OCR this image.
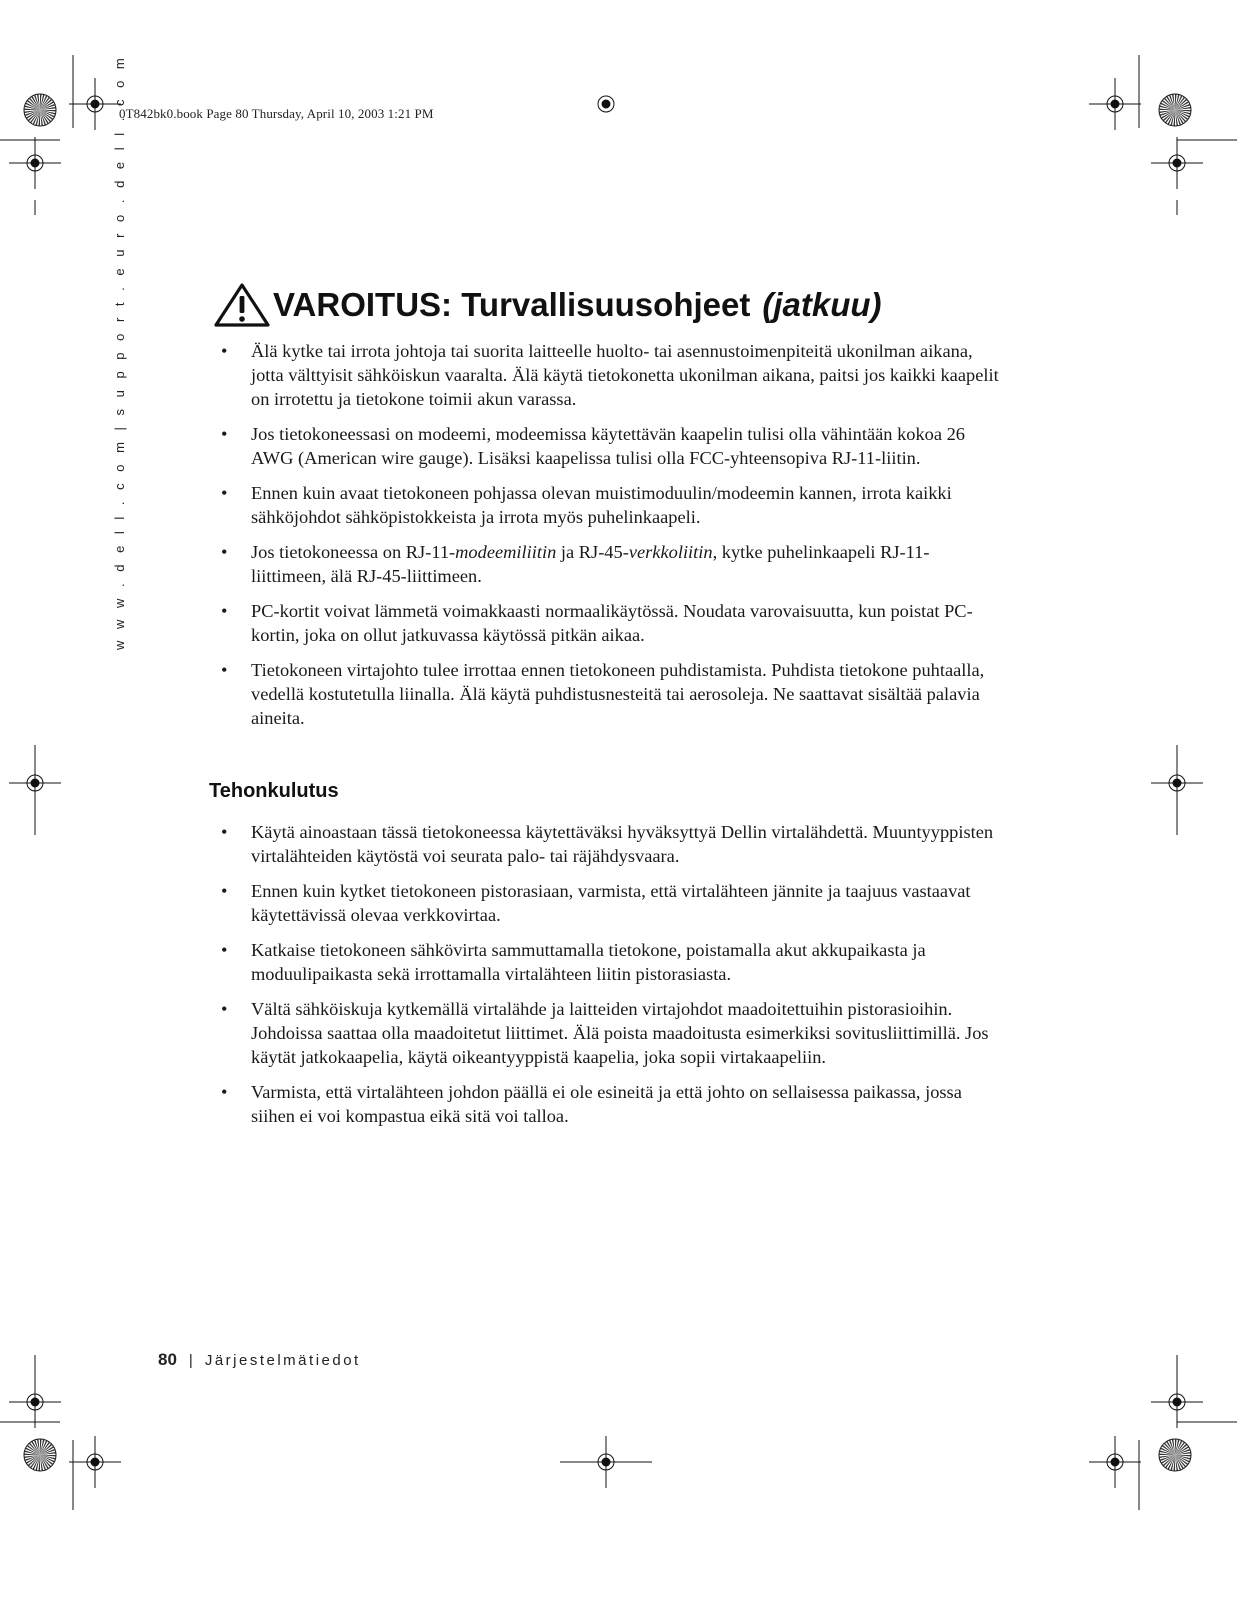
0T842bk0.book Page 80 Thursday, April 10, 2003 1:21 PM
w w w . d e l l . c o m | s u p p o r t . e u r o . d e l l . c o m	VAROITUS: Turvallisuusohjeet (jatkuu)
• Älä kytke tai irrota johtoja tai suorita laitteelle huolto- tai asennustoimenpiteitä ukonilman aikana, jotta välttyisit sähköiskun vaaralta. Älä käytä tietokonetta ukonilman aikana, paitsi jos kaikki kaapelit on irrotettu ja tietokone toimii akun varassa.
• Jos tietokoneessasi on modeemi, modeemissa käytettävän kaapelin tulisi olla vähintään kokoa 26 AWG (American wire gauge). Lisäksi kaapelissa tulisi olla FCC-yhteensopiva RJ-11-liitin.
• Ennen kuin avaat tietokoneen pohjassa olevan muistimoduulin/modeemin kannen, irrota kaikki sähköjohdot sähköpistokkeista ja irrota myös puhelinkaapeli.
• Jos tietokoneessa on RJ-11-modeemiliitin ja RJ-45-verkkoliitin, kytke puhelinkaapeli RJ-11-liittimeen, älä RJ-45-liittimeen.
• PC-kortit voivat lämmetä voimakkaasti normaalikäytössä. Noudata varovaisuutta, kun poistat PC-kortin, joka on ollut jatkuvassa käytössä pitkän aikaa.
• Tietokoneen virtajohto tulee irrottaa ennen tietokoneen puhdistamista. Puhdista tietokone puhtaalla, vedellä kostutetulla liinalla. Älä käytä puhdistusnesteitä tai aerosoleja. Ne saattavat sisältää palavia aineita.
Tehonkulutus
• Käytä ainoastaan tässä tietokoneessa käytettäväksi hyväksyttyä Dellin virtalähdettä. Muuntyyppisten virtalähteiden käytöstä voi seurata palo- tai räjähdysvaara.
• Ennen kuin kytket tietokoneen pistorasiaan, varmista, että virtalähteen jännite ja taajuus vastaavat käytettävissä olevaa verkkovirtaa.
• Katkaise tietokoneen sähkövirta sammuttamalla tietokone, poistamalla akut akkupaikasta ja moduulipaikasta sekä irrottamalla virtalähteen liitin pistorasiasta.
• Vältä sähköiskuja kytkemällä virtalähde ja laitteiden virtajohdot maadoitettuihin pistorasioihin. Johdoissa saattaa olla maadoitetut liittimet. Älä poista maadoitusta esimerkiksi sovitusliittimillä. Jos käytät jatkokaapelia, käytä oikeantyyppistä kaapelia, joka sopii virtakaapeliin.
• Varmista, että virtalähteen johdon päällä ei ole esineitä ja että johto on sellaisessa paikassa, jossa siihen ei voi kompastua eikä sitä voi talloa.
80 | Järjestelmätiedot
